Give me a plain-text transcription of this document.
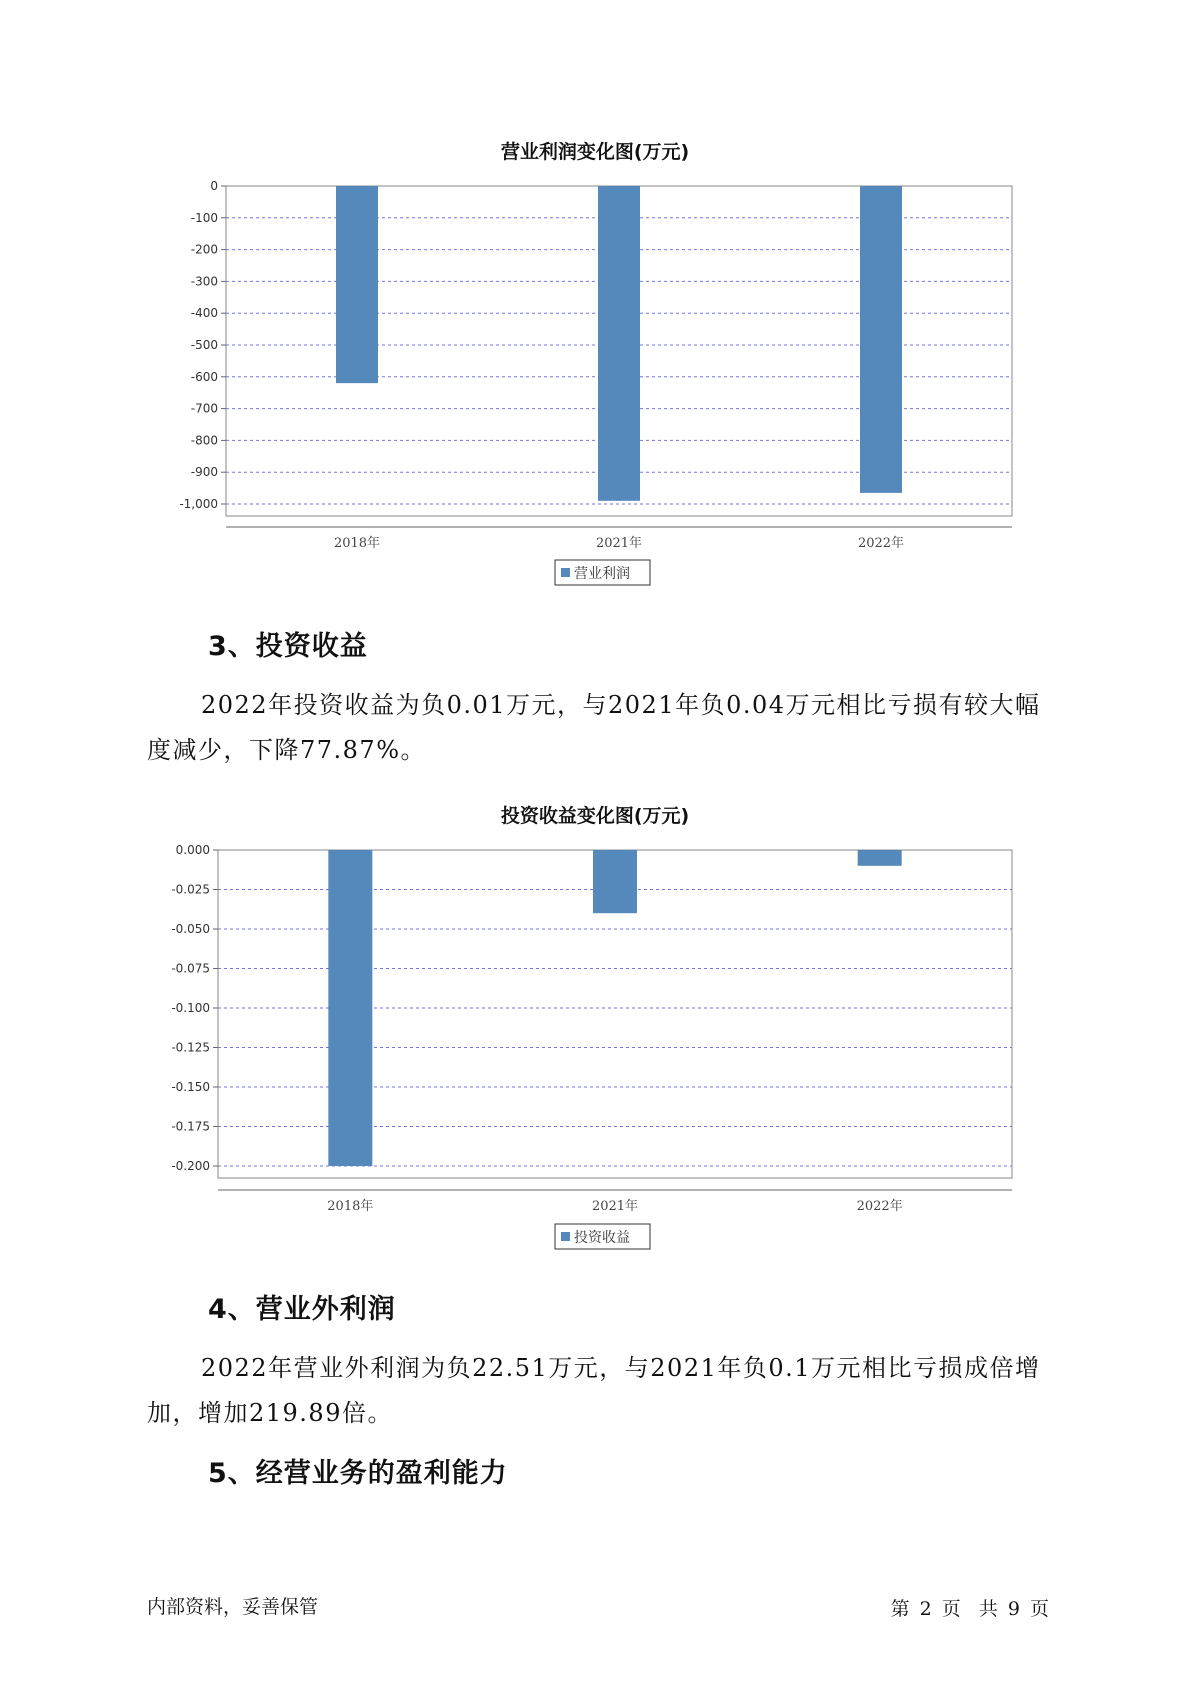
营业利润变化图(万元)
0
-100
-200
-300
-400
-500
-600
-700
-800
-900
-1,000
2018年	2021年	2022年
营业利润
3、投资收益

2022年投资收益为负0.01万元，与2021年负0.04万元相比亏损有较大幅度减少，下降77.87%。

投资收益变化图(万元)
0.000
-0.025
-0.050
-0.075
-0.100
-0.125
-0.150
-0.175
-0.200
2018年	2021年	2022年
投资收益
4、营业外利润

2022年营业外利润为负22.51万元，与2021年负0.1万元相比亏损成倍增加，增加219.89倍。

5、经营业务的盈利能力
内部资料，妥善保管	第 2 页  共 9 页
